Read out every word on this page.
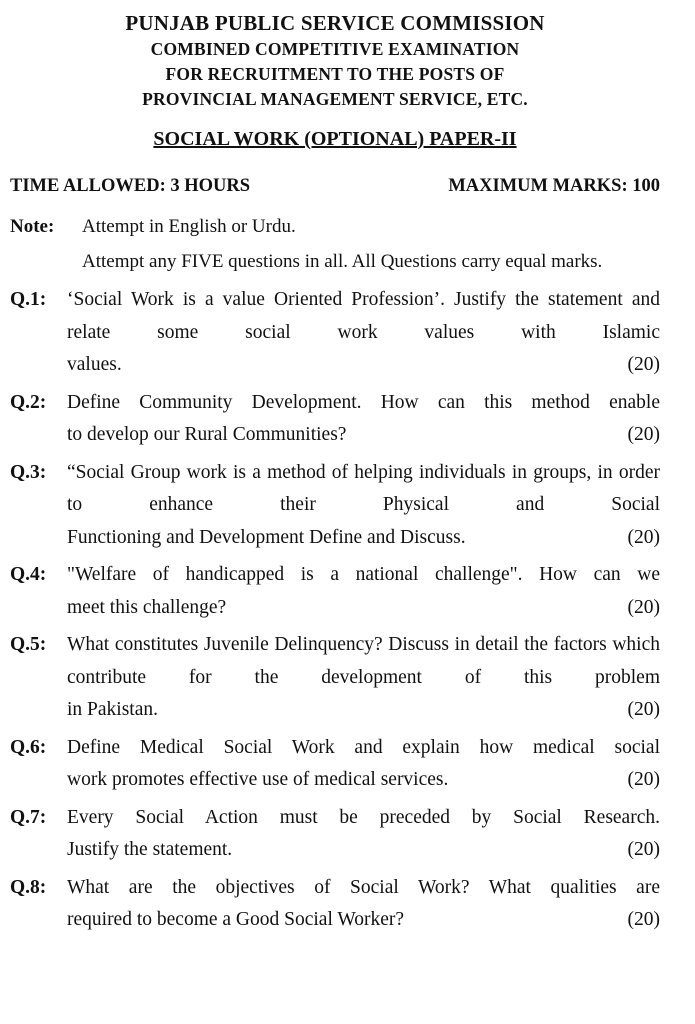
PUNJAB PUBLIC SERVICE COMMISSION
COMBINED COMPETITIVE EXAMINATION
FOR RECRUITMENT TO THE POSTS OF
PROVINCIAL MANAGEMENT SERVICE, ETC.
SOCIAL WORK (OPTIONAL) PAPER-II
TIME ALLOWED: 3 HOURS	MAXIMUM MARKS: 100
Note:	Attempt in English or Urdu.

Attempt any FIVE questions in all. All Questions carry equal marks.

Q.1:	‘Social Work is a value Oriented Profession’. Justify the statement and relate some social work values with Islamic
values.	(20)
Q.2:	Define Community Development. How can this method enable
to develop our Rural Communities?	(20)
Q.3:	“Social Group work is a method of helping individuals in groups, in order to enhance their Physical and Social
Functioning and Development Define and Discuss.	(20)
Q.4:	"Welfare of handicapped is a national challenge". How can we
meet this challenge?	(20)
Q.5:	What constitutes Juvenile Delinquency? Discuss in detail the factors which contribute for the development of this problem
in Pakistan.	(20)
Q.6:	Define Medical Social Work and explain how medical social
work promotes effective use of medical services.	(20)
Q.7:	Every Social Action must be preceded by Social Research.
Justify the statement.	(20)
Q.8:	What are the objectives of Social Work? What qualities are
required to become a Good Social Worker?	(20)
